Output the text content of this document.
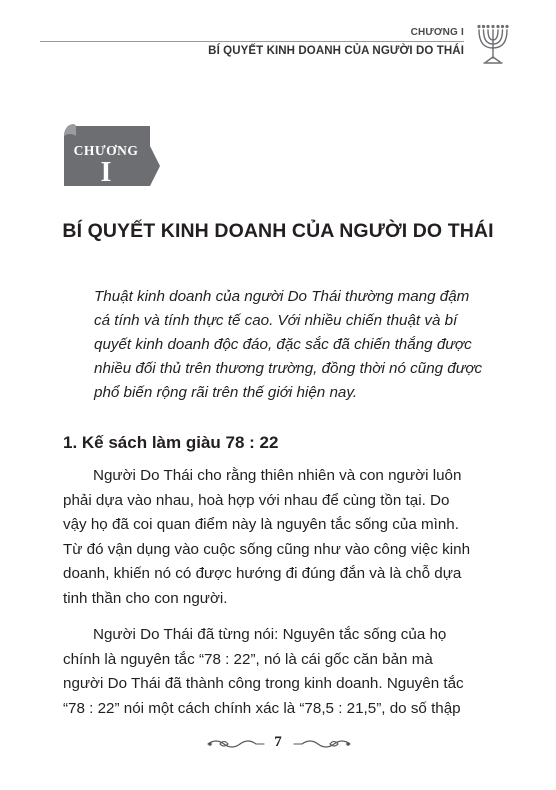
CHƯƠNG I
BÍ QUYẾT KINH DOANH CỦA NGƯỜI DO THÁI
CHƯƠNG
I
BÍ QUYẾT KINH DOANH CỦA NGƯỜI DO THÁI
Thuật kinh doanh của người Do Thái thường mang đậm
cá tính và tính thực tế cao. Với nhiều chiến thuật và bí
quyết kinh doanh độc đáo, đặc sắc đã chiến thắng được
nhiều đối thủ trên thương trường, đồng thời nó cũng được
phổ biến rộng rãi trên thế giới hiện nay.
1. Kế sách làm giàu 78 : 22
Người Do Thái cho rằng thiên nhiên và con người luôn
phải dựa vào nhau, hoà hợp với nhau để cùng tồn tại. Do
vậy họ đã coi quan điểm này là nguyên tắc sống của mình.
Từ đó vận dụng vào cuộc sống cũng như vào công việc kinh
doanh, khiến nó có được hướng đi đúng đắn và là chỗ dựa
tinh thần cho con người.
Người Do Thái đã từng nói: Nguyên tắc sống của họ
chính là nguyên tắc “78 : 22”, nó là cái gốc căn bản mà
người Do Thái đã thành công trong kinh doanh. Nguyên tắc
“78 : 22” nói một cách chính xác là “78,5 : 21,5”, do số thập
7
